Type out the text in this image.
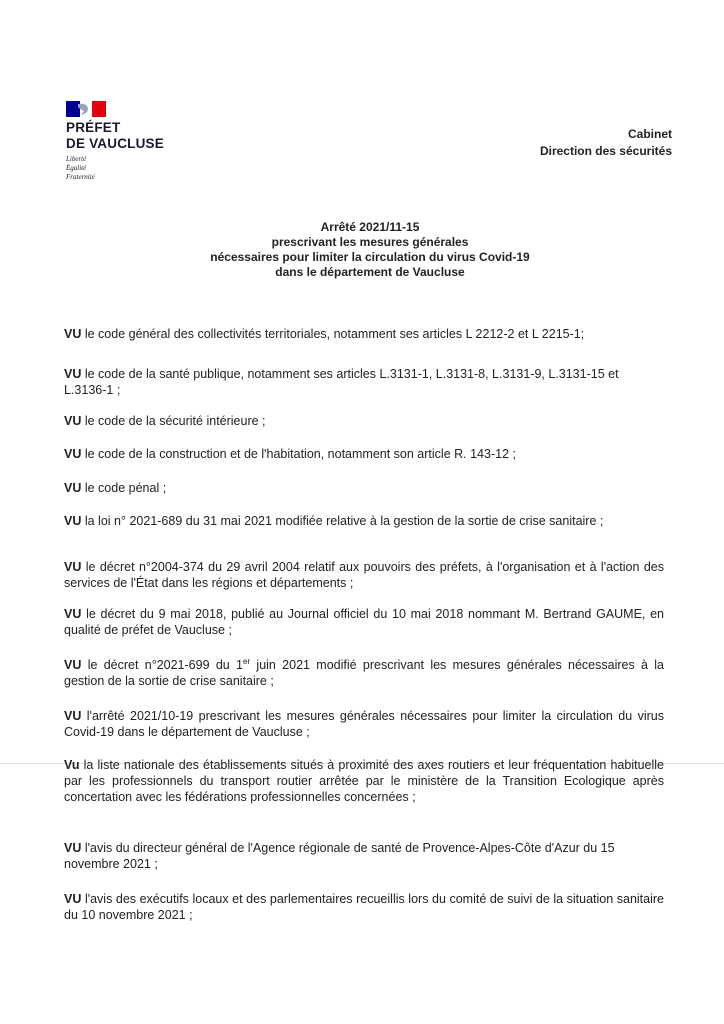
PRÉFET
DE VAUCLUSE
Liberté
Égalité
Fraternité
Cabinet
Direction des sécurités
Arrêté 2021/11-15
prescrivant les mesures générales
nécessaires pour limiter la circulation du virus Covid-19
dans le département de Vaucluse

VU le code général des collectivités territoriales, notamment ses articles L 2212-2 et L 2215-1;

VU le code de la santé publique, notamment ses articles L.3131-1, L.3131-8, L.3131-9, L.3131-15 et L.3136-1 ;

VU le code de la sécurité intérieure ;

VU le code de la construction et de l'habitation, notamment son article R. 143-12 ;

VU le code pénal ;

VU la loi n° 2021-689 du 31 mai 2021 modifiée relative à la gestion de la sortie de crise sanitaire ;

VU le décret n°2004-374 du 29 avril 2004 relatif aux pouvoirs des préfets, à l'organisation et à l'action des services de l'État dans les régions et départements ;

VU le décret du 9 mai 2018, publié au Journal officiel du 10 mai 2018 nommant M. Bertrand GAUME, en qualité de préfet de Vaucluse ;

VU le décret n°2021-699 du 1er juin 2021 modifié prescrivant les mesures générales nécessaires à la gestion de la sortie de crise sanitaire ;

VU l'arrêté 2021/10-19 prescrivant les mesures générales nécessaires pour limiter la circulation du virus Covid-19 dans le département de Vaucluse ;

Vu la liste nationale des établissements situés à proximité des axes routiers et leur fréquentation habituelle par les professionnels du transport routier arrêtée par le ministère de la Transition Ecologique après concertation avec les fédérations professionnelles concernées ;

VU l'avis du directeur général de l'Agence régionale de santé de Provence-Alpes-Côte d'Azur du 15 novembre 2021 ;

VU l'avis des exécutifs locaux et des parlementaires recueillis lors du comité de suivi de la situation sanitaire du 10 novembre 2021 ;
